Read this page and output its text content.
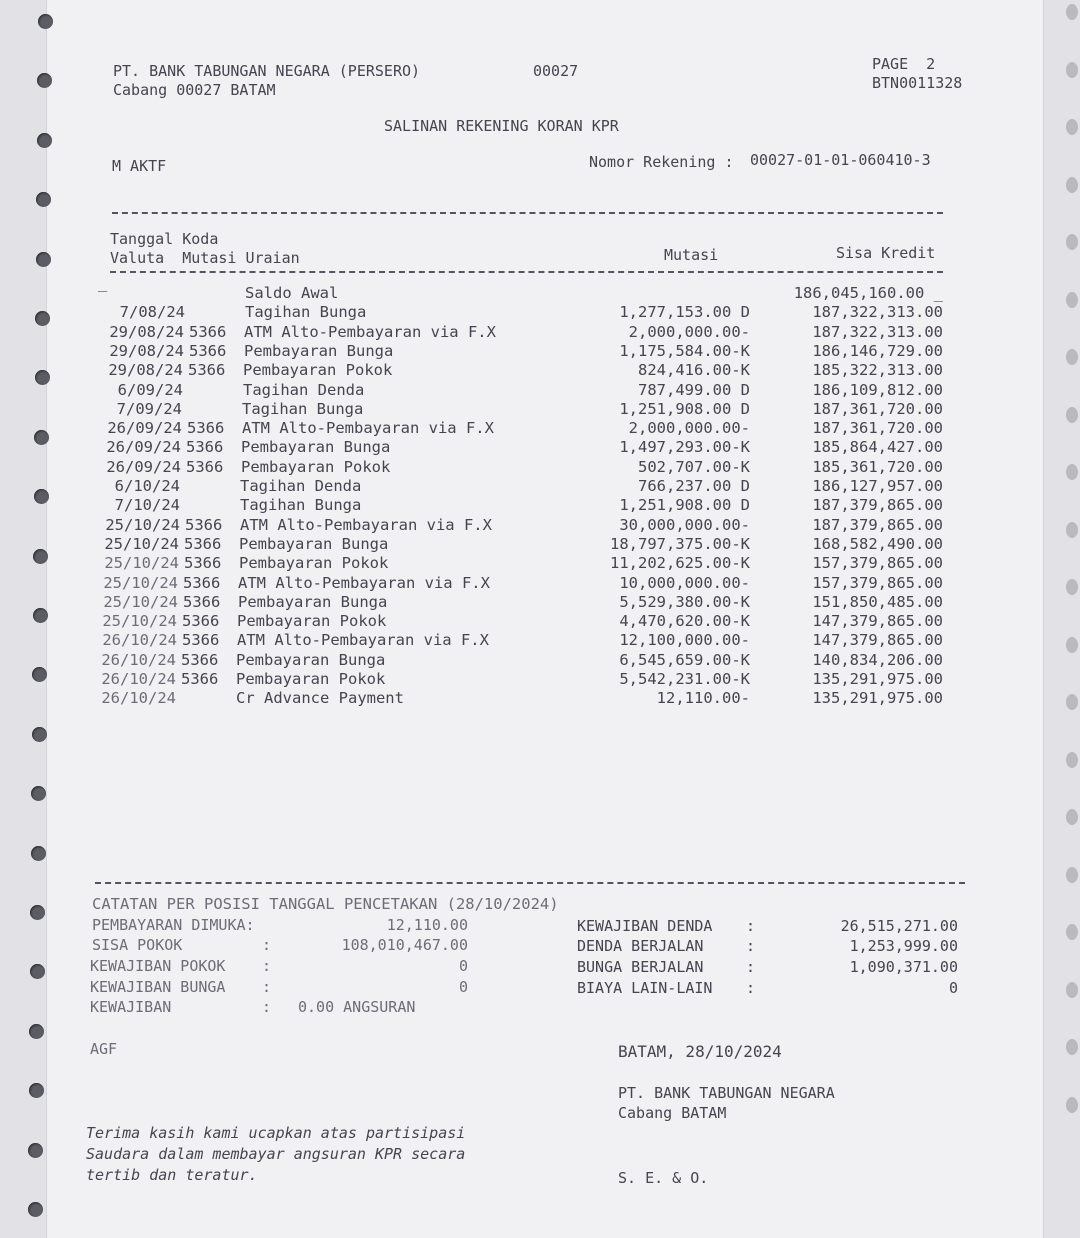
PT. BANK TABUNGAN NEGARA (PERSERO)
Cabang 00027 BATAM
00027	PAGE  2
BTN0011328
SALINAN REKENING KORAN KPR
M AKTF	Nomor Rekening : 00027-01-01-060410-3
Tanggal Koda
Valuta  Mutasi Uraian	Mutasi	Sisa Kredit
Saldo Awal	186,045,160.00 _
_
7/08/24	Tagihan Bunga	1,277,153.00 D	187,322,313.00
29/08/24 5366 ATM Alto-Pembayaran via F.X	2,000,000.00-	187,322,313.00
29/08/24 5366 Pembayaran Bunga	1,175,584.00-K	186,146,729.00
29/08/24 5366 Pembayaran Pokok	824,416.00-K	185,322,313.00
6/09/24	Tagihan Denda	787,499.00 D	186,109,812.00
7/09/24	Tagihan Bunga	1,251,908.00 D	187,361,720.00
26/09/24 5366 ATM Alto-Pembayaran via F.X	2,000,000.00-	187,361,720.00
26/09/24 5366 Pembayaran Bunga	1,497,293.00-K	185,864,427.00
26/09/24 5366 Pembayaran Pokok	502,707.00-K	185,361,720.00
6/10/24	Tagihan Denda	766,237.00 D	186,127,957.00
7/10/24	Tagihan Bunga	1,251,908.00 D	187,379,865.00
25/10/24 5366 ATM Alto-Pembayaran via F.X	30,000,000.00-	187,379,865.00
25/10/24 5366 Pembayaran Bunga	18,797,375.00-K	168,582,490.00
25/10/24 5366 Pembayaran Pokok	11,202,625.00-K	157,379,865.00
25/10/24 5366 ATM Alto-Pembayaran via F.X	10,000,000.00-	157,379,865.00
25/10/24 5366 Pembayaran Bunga	5,529,380.00-K	151,850,485.00
25/10/24 5366 Pembayaran Pokok	4,470,620.00-K	147,379,865.00
26/10/24 5366 ATM Alto-Pembayaran via F.X	12,100,000.00-	147,379,865.00
26/10/24 5366 Pembayaran Bunga	6,545,659.00-K	140,834,206.00
26/10/24 5366 Pembayaran Pokok	5,542,231.00-K	135,291,975.00
26/10/24	Cr Advance Payment	12,110.00-	135,291,975.00
CATATAN PER POSISI TANGGAL PENCETAKAN (28/10/2024)
PEMBAYARAN DIMUKA:	12,110.00
SISA POKOK	:	108,010,467.00
KEWAJIBAN POKOK :	0
KEWAJIBAN BUNGA :	0
KEWAJIBAN	: 0.00 ANGSURAN
KEWAJIBAN DENDA :	26,515,271.00
DENDA BERJALAN	:	1,253,999.00
BUNGA BERJALAN	:	1,090,371.00
BIAYA LAIN-LAIN :	0
AGF	BATAM, 28/10/2024
PT. BANK TABUNGAN NEGARA
Cabang BATAM
Terima kasih kami ucapkan atas partisipasi
Saudara dalam membayar angsuran KPR secara
tertib dan teratur.	S. E. & O.
